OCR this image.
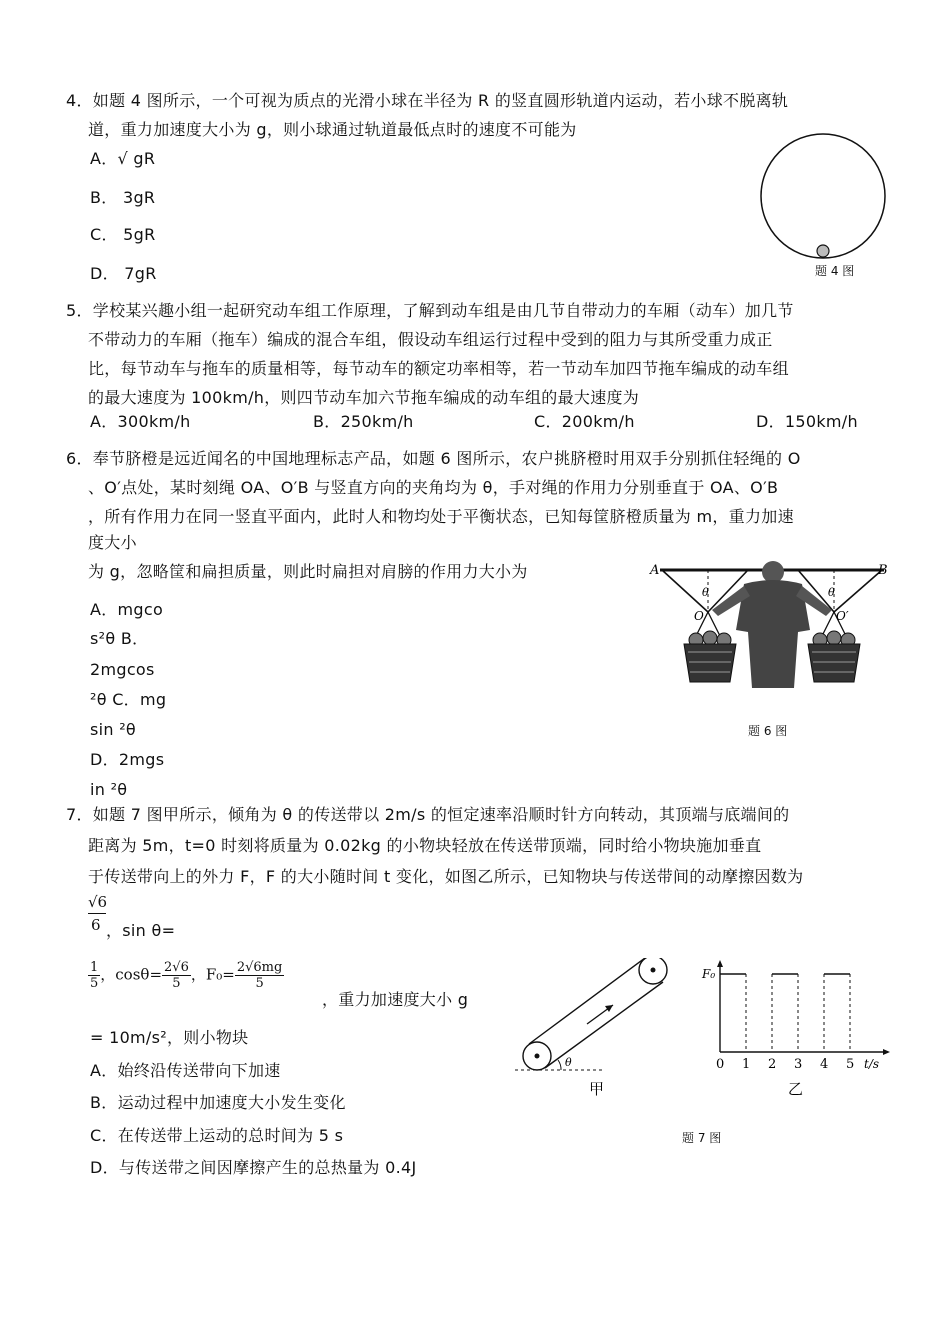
4．如题 4 图所示，一个可视为质点的光滑小球在半径为 R 的竖直圆形轨道内运动，若小球不脱离轨
道，重力加速度大小为 g，则小球通过轨道最低点时的速度不可能为
A．√ gR
B． 3gR
C． 5gR
D． 7gR	题 4 图
5．学校某兴趣小组一起研究动车组工作原理，了解到动车组是由几节自带动力的车厢（动车）加几节
不带动力的车厢（拖车）编成的混合车组，假设动车组运行过程中受到的阻力与其所受重力成正
比，每节动车与拖车的质量相等，每节动车的额定功率相等，若一节动车加四节拖车编成的动车组
的最大速度为 100km/h，则四节动车加六节拖车编成的动车组的最大速度为
A．300km/h	B．250km/h	C．200km/h	D．150km/h
6．奉节脐橙是远近闻名的中国地理标志产品，如题 6 图所示，农户挑脐橙时用双手分别抓住轻绳的 O
、O′点处，某时刻绳 OA、O′B 与竖直方向的夹角均为 θ，手对绳的作用力分别垂直于 OA、O′B
，所有作用力在同一竖直平面内，此时人和物均处于平衡状态，已知每筐脐橙质量为 m，重力加速
度大小
为 g，忽略筐和扁担质量，则此时扁担对肩膀的作用力大小为
A．mgco
s²θ B．
2mgcos
²θ C．mg
sin ²θ
D．2mgs
in ²θ
A	B
O	O′
θ	θ
题 6 图
7．如题 7 图甲所示，倾角为 θ 的传送带以 2m/s 的恒定速率沿顺时针方向转动，其顶端与底端间的
距离为 5m，t=0 时刻将质量为 0.02kg 的小物块轻放在传送带顶端，同时给小物块施加垂直
于传送带向上的外力 F，F 的大小随时间 t 变化，如图乙所示，已知物块与传送带间的动摩擦因数为
√6
6 ，sin θ=
$\frac{1}{5}$ ，$\cos\theta= \frac{2√6}{5}$ ，$F_0= \frac{2√6mg}{5}$
，重力加速度大小 g
= 10m/s²，则小物块
A．始终沿传送带向下加速
B．运动过程中加速度大小发生变化
C．在传送带上运动的总时间为 5 s
D．与传送带之间因摩擦产生的总热量为 0.4J
θ
甲
F₀
0 1 2 3 4 5 t/s
乙
题 7 图
